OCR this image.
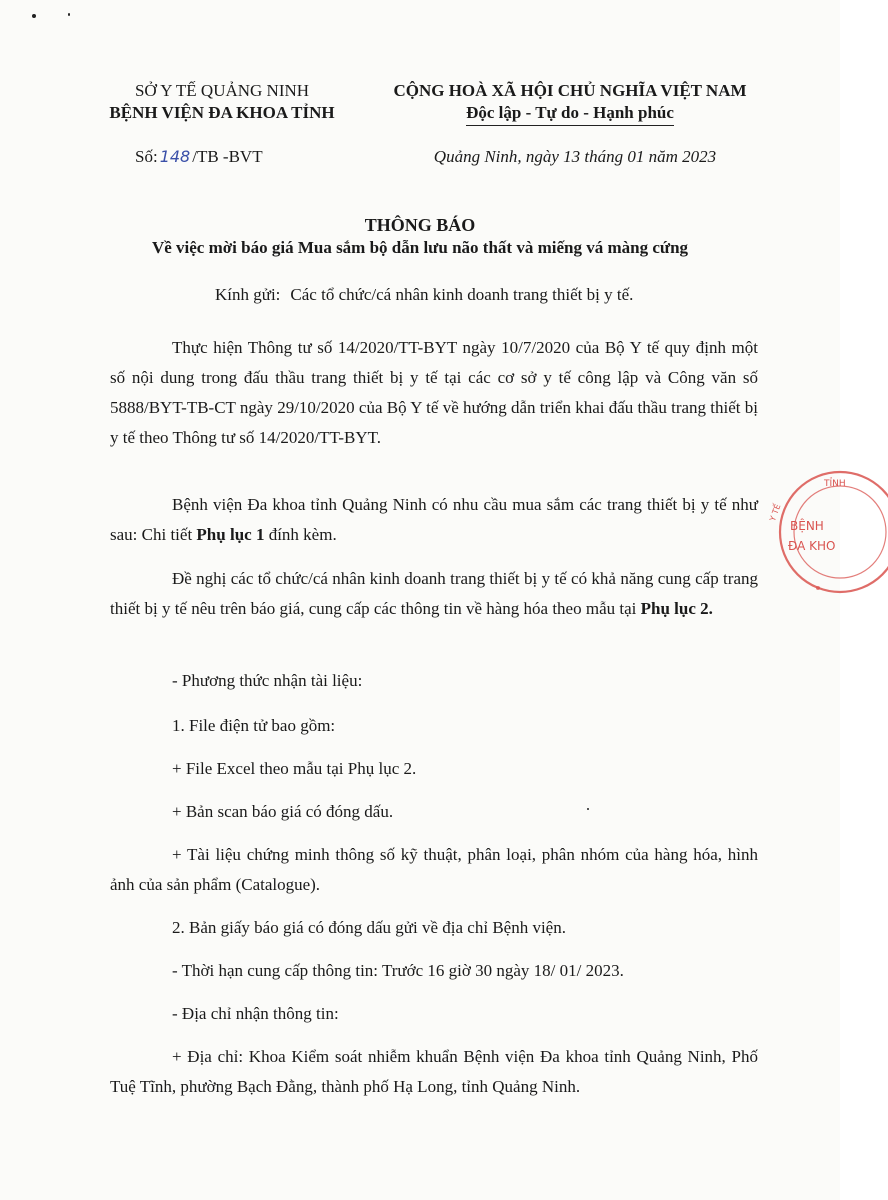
SỞ Y TẾ QUẢNG NINH
BỆNH VIỆN ĐA KHOA TỈNH
CỘNG HOÀ XÃ HỘI CHỦ NGHĨA VIỆT NAM
Độc lập - Tự do - Hạnh phúc
Số: 148 /TB -BVT	Quảng Ninh, ngày 13 tháng 01 năm 2023
THÔNG BÁO
Về việc mời báo giá Mua sắm bộ dẫn lưu não thất và miếng vá màng cứng
Kính gửi: Các tổ chức/cá nhân kinh doanh trang thiết bị y tế.
Thực hiện Thông tư số 14/2020/TT-BYT ngày 10/7/2020 của Bộ Y tế quy định một số nội dung trong đấu thầu trang thiết bị y tế tại các cơ sở y tế công lập và Công văn số 5888/BYT-TB-CT ngày 29/10/2020 của Bộ Y tế về hướng dẫn triển khai đấu thầu trang thiết bị y tế theo Thông tư số 14/2020/TT-BYT.
Bệnh viện Đa khoa tỉnh Quảng Ninh có nhu cầu mua sắm các trang thiết bị y tế như sau: Chi tiết Phụ lục 1 đính kèm.
Đề nghị các tổ chức/cá nhân kinh doanh trang thiết bị y tế có khả năng cung cấp trang thiết bị y tế nêu trên báo giá, cung cấp các thông tin về hàng hóa theo mẫu tại Phụ lục 2.
- Phương thức nhận tài liệu:
1. File điện tử bao gồm:
+ File Excel theo mẫu tại Phụ lục 2.
+ Bản scan báo giá có đóng dấu.
+ Tài liệu chứng minh thông số kỹ thuật, phân loại, phân nhóm của hàng hóa, hình ảnh của sản phẩm (Catalogue).
2. Bản giấy báo giá có đóng dấu gửi về địa chỉ Bệnh viện.
- Thời hạn cung cấp thông tin: Trước 16 giờ 30 ngày 18/ 01/ 2023.
- Địa chỉ nhận thông tin:
+ Địa chỉ: Khoa Kiểm soát nhiễm khuẩn Bệnh viện Đa khoa tỉnh Quảng Ninh, Phố Tuệ Tĩnh, phường Bạch Đằng, thành phố Hạ Long, tỉnh Quảng Ninh.
TỈNH
BỆNH
ĐA KHO
Y TẾ
